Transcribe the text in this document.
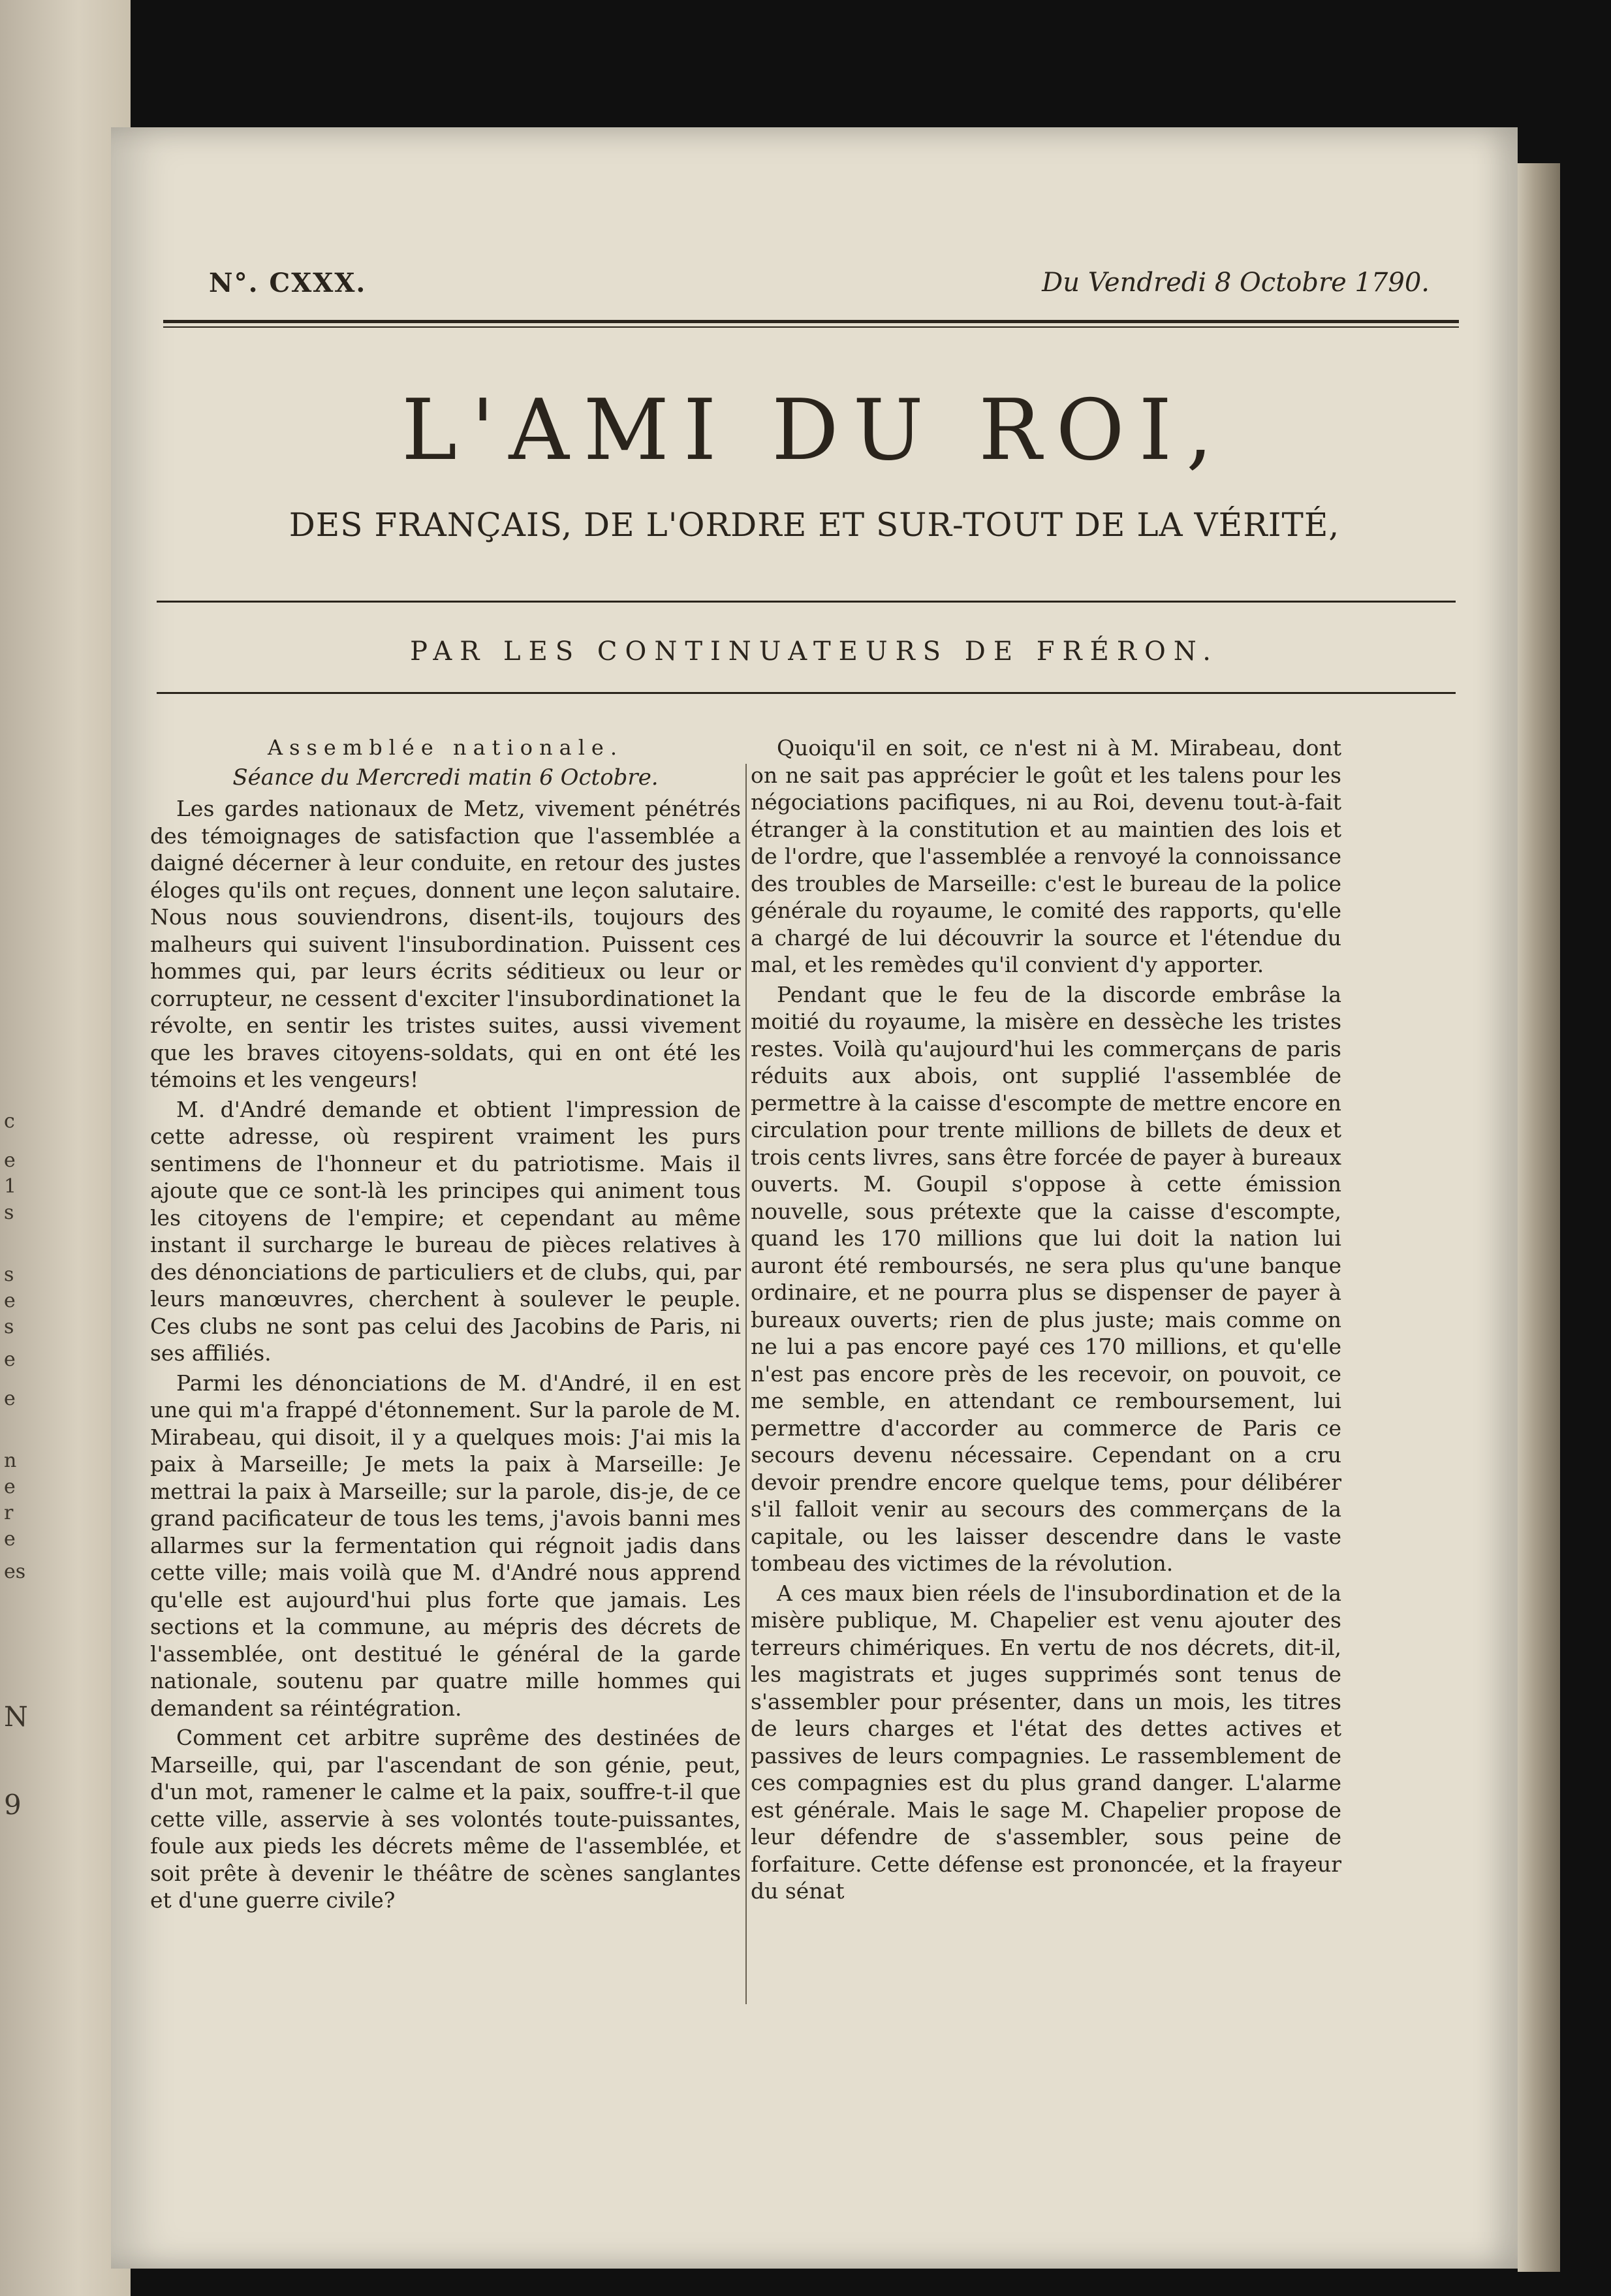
c
e
1
s
s
e
s
e
e
n
e
r
e
es
N
9
N°. CXXX.	Du Vendredi 8 Octobre 1790.
L'AMI DU ROI,
DES FRANÇAIS, DE L'ORDRE ET SUR-TOUT DE LA VÉRITÉ,
PAR LES CONTINUATEURS DE FRÉRON.
Assemblée nationale.
Séance du Mercredi matin 6 Octobre.

Les gardes nationaux de Metz, vivement pénétrés des témoignages de satisfaction que l'assemblée a daigné décerner à leur conduite, en retour des justes éloges qu'ils ont reçues, donnent une leçon salutaire. Nous nous souviendrons, disent-ils, toujours des malheurs qui suivent l'insubordination. Puissent ces hommes qui, par leurs écrits séditieux ou leur or corrupteur, ne cessent d'exciter l'insubordinationet la révolte, en sentir les tristes suites, aussi vivement que les braves citoyens-soldats, qui en ont été les témoins et les vengeurs!

M. d'André demande et obtient l'impression de cette adresse, où respirent vraiment les purs sentimens de l'honneur et du patriotisme. Mais il ajoute que ce sont-là les principes qui animent tous les citoyens de l'empire; et cependant au même instant il surcharge le bureau de pièces relatives à des dénonciations de particuliers et de clubs, qui, par leurs manœuvres, cherchent à soulever le peuple. Ces clubs ne sont pas celui des Jacobins de Paris, ni ses affiliés.

Parmi les dénonciations de M. d'André, il en est une qui m'a frappé d'étonnement. Sur la parole de M. Mirabeau, qui disoit, il y a quelques mois: J'ai mis la paix à Marseille; Je mets la paix à Marseille: Je mettrai la paix à Marseille; sur la parole, dis-je, de ce grand pacificateur de tous les tems, j'avois banni mes allarmes sur la fermentation qui régnoit jadis dans cette ville; mais voilà que M. d'André nous apprend qu'elle est aujourd'hui plus forte que jamais. Les sections et la commune, au mépris des décrets de l'assemblée, ont destitué le général de la garde nationale, soutenu par quatre mille hommes qui demandent sa réintégration.

Comment cet arbitre suprême des destinées de Marseille, qui, par l'ascendant de son génie, peut, d'un mot, ramener le calme et la paix, souffre-t-il que cette ville, asservie à ses volontés toute-puissantes, foule aux pieds les décrets même de l'assemblée, et soit prête à devenir le théâtre de scènes sanglantes et d'une guerre civile?

Quoiqu'il en soit, ce n'est ni à M. Mirabeau, dont on ne sait pas apprécier le goût et les talens pour les négociations pacifiques, ni au Roi, devenu tout-à-fait étranger à la constitution et au maintien des lois et de l'ordre, que l'assemblée a renvoyé la connoissance des troubles de Marseille: c'est le bureau de la police générale du royaume, le comité des rapports, qu'elle a chargé de lui découvrir la source et l'étendue du mal, et les remèdes qu'il convient d'y apporter.

Pendant que le feu de la discorde embrâse la moitié du royaume, la misère en dessèche les tristes restes. Voilà qu'aujourd'hui les commerçans de paris réduits aux abois, ont supplié l'assemblée de permettre à la caisse d'escompte de mettre encore en circulation pour trente millions de billets de deux et trois cents livres, sans être forcée de payer à bureaux ouverts. M. Goupil s'oppose à cette émission nouvelle, sous prétexte que la caisse d'escompte, quand les 170 millions que lui doit la nation lui auront été remboursés, ne sera plus qu'une banque ordinaire, et ne pourra plus se dispenser de payer à bureaux ouverts; rien de plus juste; mais comme on ne lui a pas encore payé ces 170 millions, et qu'elle n'est pas encore près de les recevoir, on pouvoit, ce me semble, en attendant ce remboursement, lui permettre d'accorder au commerce de Paris ce secours devenu nécessaire. Cependant on a cru devoir prendre encore quelque tems, pour délibérer s'il falloit venir au secours des commerçans de la capitale, ou les laisser descendre dans le vaste tombeau des victimes de la révolution.

A ces maux bien réels de l'insubordination et de la misère publique, M. Chapelier est venu ajouter des terreurs chimériques. En vertu de nos décrets, dit-il, les magistrats et juges supprimés sont tenus de s'assembler pour présenter, dans un mois, les titres de leurs charges et l'état des dettes actives et passives de leurs compagnies. Le rassemblement de ces compagnies est du plus grand danger. L'alarme est générale. Mais le sage M. Chapelier propose de leur défendre de s'assembler, sous peine de forfaiture. Cette défense est prononcée, et la frayeur du sénat
